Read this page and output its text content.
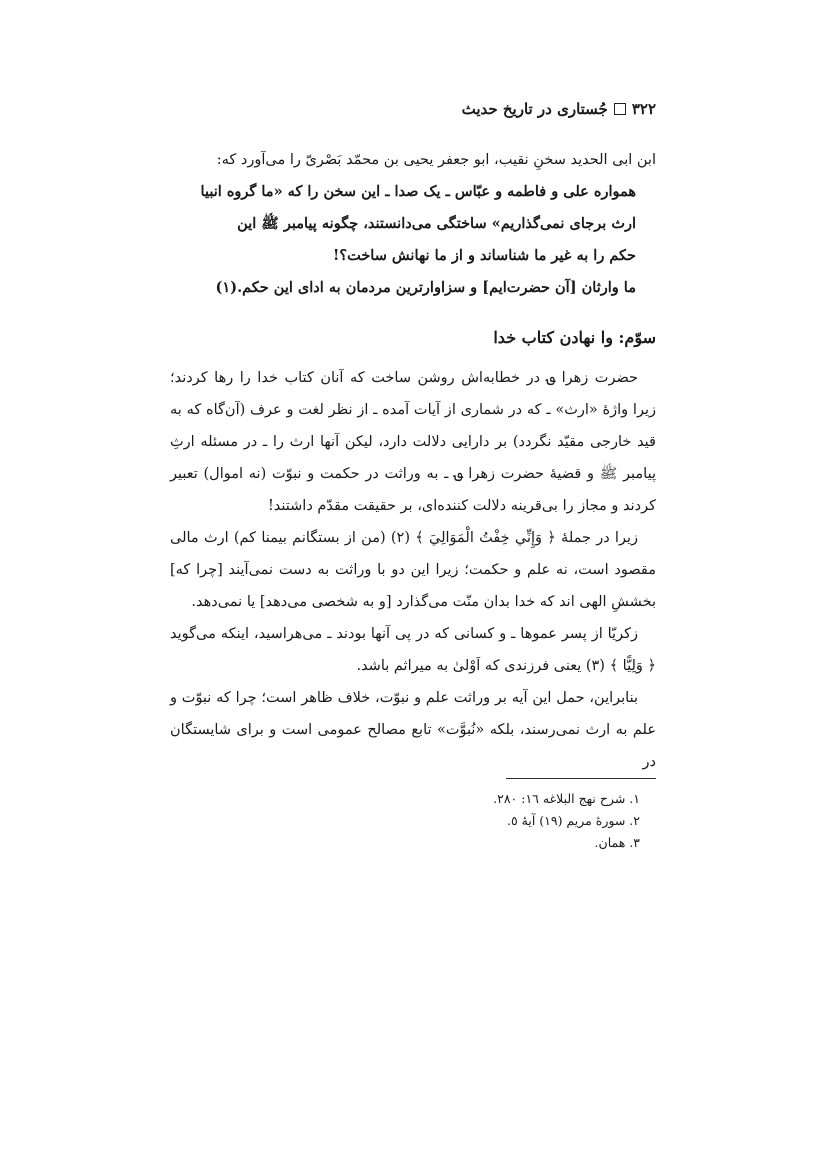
٣٢٢
جُستاری در تاریخ حدیث

ابن ابی الحدید سخنِ نقیب، ابو جعفر یحیی بن محمّد بَصْریّ را می‌آورد که:

همواره علی و فاطمه و عبّاس ـ یک صدا ـ این سخن را که «ما گروه انبیا

ارث برجای نمی‌گذاریم» ساختگی می‌دانستند، چگونه پیامبر ﷺ این

حکم را به غیر ما شناساند و از ما نهانش ساخت؟!

ما وارثان [آن حضرت‌ایم] و سزاوارترین مردمان به ادای این حکم.(١)

سوّم: وا نهادن کتاب خدا

حضرت زهرا ؈ در خطابه‌اش روشن ساخت که آنان کتاب خدا را رها کردند؛ زیرا واژهٔ «ارث» ـ که در شماری از آیات آمده ـ از نظر لغت و عرف (آن‌گاه که به قید خارجی مقیّد نگردد) بر دارایی دلالت دارد، لیکن آنها ارث را ـ در مسئله ارثِ پیامبر ﷺ و قضیهٔ حضرت زهرا ؈ ـ به وراثت در حکمت و نبوّت (نه اموال) تعبیر کردند و مجاز را بی‌قرینه دلالت کننده‌ای، بر حقیقت مقدّم داشتند!

زیرا در جملهٔ ﴿ وَإِنِّي خِفْتُ الْمَوَالِيَ ﴾ (٢) (من از بستگانم بیمنا کم) ارث مالی مقصود است، نه علم و حکمت؛ زیرا این دو با وراثت به دست نمی‌آیند [چرا که] بخششِ الهی اند که خدا بدان منّت می‌گذارد [و به شخصی می‌دهد] یا نمی‌دهد.

زکریّا از پسر عموها ـ و کسانی که در پی آنها بودند ـ می‌هراسید، اینکه می‌گوید ﴿ وَلِيًّا ﴾ (٣) یعنی فرزندی که اَوْلیٰ به میراثم باشد.

بنابراین، حمل این آیه بر وراثت علم و نبوّت، خلاف ظاهر است؛ چرا که نبوّت و علم به ارث نمی‌رسند، بلکه «نُبوَّت» تابع مصالح عمومی است و برای شایستگان در

١. شرح نهج البلاغه ١٦: ٢٨٠.
٢. سورهٔ مریم (١٩) آیهٔ ٥.
٣. همان.
